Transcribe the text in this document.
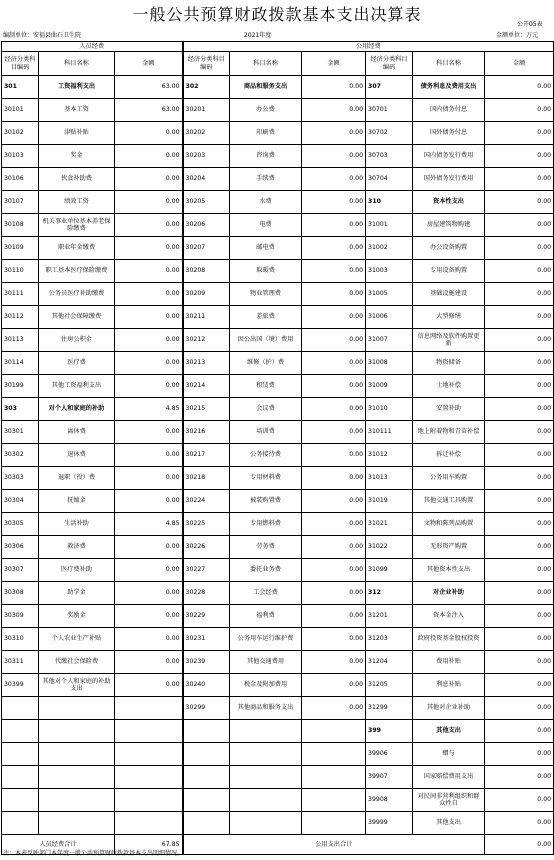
一般公共预算财政拨款基本支出决算表
公开05表
编制单位：安福县曲石卫生院	2021年度	金额单位：万元
人员经费			公用经费					
经济分类科目编码	科目名称	金额	经济分类科目编码	科目名称	金额	经济分类科目编码	科目名称	金额
301	工资福利支出	63.00	302	商品和服务支出	0.00	307	债务利息及费用支出	0.00
30101	基本工资	63.00	30201	办公费	0.00	30701	国内债务付息	0.00
30102	津贴补贴	0.00	30202	印刷费	0.00	30702	国外债务付息	0.00
30103	奖金	0.00	30203	咨询费	0.00	30703	国内债务发行费用	0.00
30106	伙食补助费	0.00	30204	手续费	0.00	30704	国外债务发行费用	0.00
30107	绩效工资	0.00	30205	水费	0.00	310	资本性支出	0.00
30108	机关事业单位基本养老保险缴费	0.00	30206	电费	0.00	31001	房屋建筑物购建	0.00
30109	职业年金缴费	0.00	30207	邮电费	0.00	31002	办公设备购置	0.00
30110	职工基本医疗保险缴费	0.00	30208	取暖费	0.00	31003	专用设备购置	0.00
30111	公务员医疗补助缴费	0.00	30209	物业管理费	0.00	31005	基础设施建设	0.00
30112	其他社会保障缴费	0.00	30211	差旅费	0.00	31006	大型修缮	0.00
30113	住房公积金	0.00	30212	因公出国（境）费用	0.00	31007	信息网络及软件购置更新	0.00
30114	医疗费	0.00	30213	维修（护）费	0.00	31008	物资储备	0.00
30199	其他工资福利支出	0.00	30214	租赁费	0.00	31009	土地补偿	0.00
303	对个人和家庭的补助	4.85	30215	会议费	0.00	31010	安置补助	0.00
30301	离休费	0.00	30216	培训费	0.00	310111	地上附着物和青苗补偿	0.00
30302	退休费	0.00	30217	公务接待费	0.00	31012	拆迁补偿	0.00
30303	退职（役）费	0.00	30218	专用材料费	0.00	31013	公务用车购置	0.00
30304	抚恤金	0.00	30224	被装购置费	0.00	31019	其他交通工具购置	0.00
30305	生活补助	4.85	30225	专用燃料费	0.00	31021	文物和陈列品购置	0.00
30306	救济费	0.00	30226	劳务费	0.00	31022	无形资产购置	0.00
30307	医疗费补助	0.00	30227	委托业务费	0.00	31099	其他资本性支出	0.00
30308	助学金	0.00	30228	工会经费	0.00	312	对企业补助	0.00
30309	奖励金	0.00	30229	福利费	0.00	31201	资本金注入	0.00
30310	个人农业生产补贴	0.00	30231	公务用车运行维护费	0.00	31203	政府投资基金股权投资	0.00
30311	代缴社会保险费	0.00	30239	其他交通费用	0.00	31204	费用补贴	0.00
30399	其他对个人和家庭的补助支出	0.00	30240	税金及附加费用	0.00	31205	利息补贴	0.00
			30299	其他商品和服务支出	0.00	31299	其他对企业补助	0.00
						399	其他支出	0.00
						39906	赠与	0.00
						39907	国家赔偿费用支出	0.00
						39908	对民间非营利组织和群众性自	0.00
						39999	其他支出	0.00
人员经费合计		67.85	公用支出合计					0.00
注：本表反映部门本年度一般公共预算财政拨款基本支出明细情况。
